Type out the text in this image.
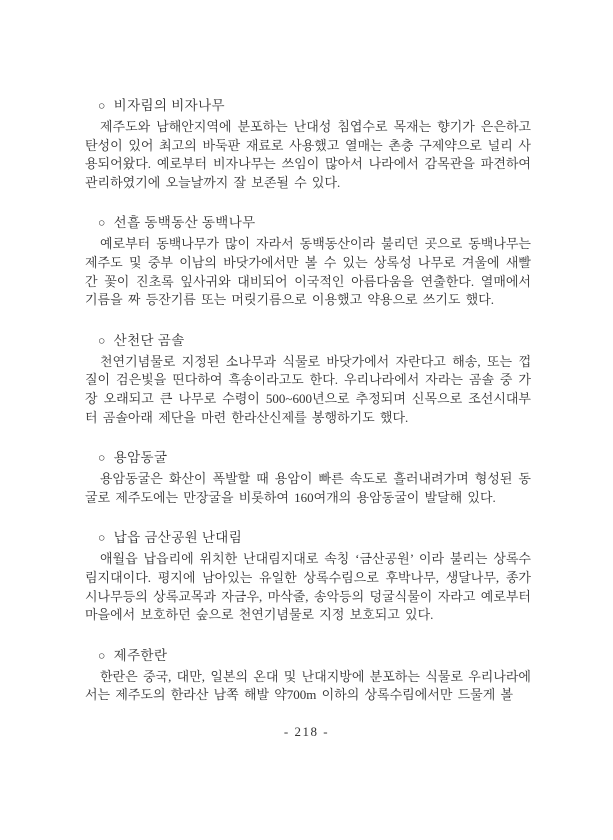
○ 비자림의 비자나무

제주도와 남해안지역에 분포하는 난대성 침엽수로 목재는 향기가 은은하고 탄성이 있어 최고의 바둑판 재료로 사용했고 열매는 촌충 구제약으로 널리 사용되어왔다. 예로부터 비자나무는 쓰임이 많아서 나라에서 감목관을 파견하여 관리하였기에 오늘날까지 잘 보존될 수 있다.

○ 선흘 동백동산 동백나무

예로부터 동백나무가 많이 자라서 동백동산이라 불리던 곳으로 동백나무는 제주도 및 중부 이남의 바닷가에서만 볼 수 있는 상록성 나무로 겨울에 새빨간 꽃이 진초록 잎사귀와 대비되어 이국적인 아름다움을 연출한다. 열매에서 기름을 짜 등잔기름 또는 머릿기름으로 이용했고 약용으로 쓰기도 했다.

○ 산천단 곰솔

천연기념물로 지정된 소나무과 식물로 바닷가에서 자란다고 해송, 또는 껍질이 검은빛을 띤다하여 흑송이라고도 한다. 우리나라에서 자라는 곰솔 중 가장 오래되고 큰 나무로 수령이 500~600년으로 추정되며 신목으로 조선시대부터 곰솔아래 제단을 마련 한라산신제를 봉행하기도 했다.

○ 용암동굴

용암동굴은 화산이 폭발할 때 용암이 빠른 속도로 흘러내려가며 형성된 동굴로 제주도에는 만장굴을 비롯하여 160여개의 용암동굴이 발달해 있다.

○ 납읍 금산공원 난대림

애월읍 납읍리에 위치한 난대림지대로 속칭 ‘금산공원’ 이라 불리는 상록수림지대이다. 평지에 남아있는 유일한 상록수림으로 후박나무, 생달나무, 종가시나무등의 상록교목과 자금우, 마삭줄, 송악등의 덩굴식물이 자라고 예로부터 마을에서 보호하던 숲으로 천연기념물로 지정 보호되고 있다.

○ 제주한란

한란은 중국, 대만, 일본의 온대 및 난대지방에 분포하는 식물로 우리나라에서는 제주도의 한라산 남쪽 해발 약700m 이하의 상록수림에서만 드물게 볼

- 218 -
